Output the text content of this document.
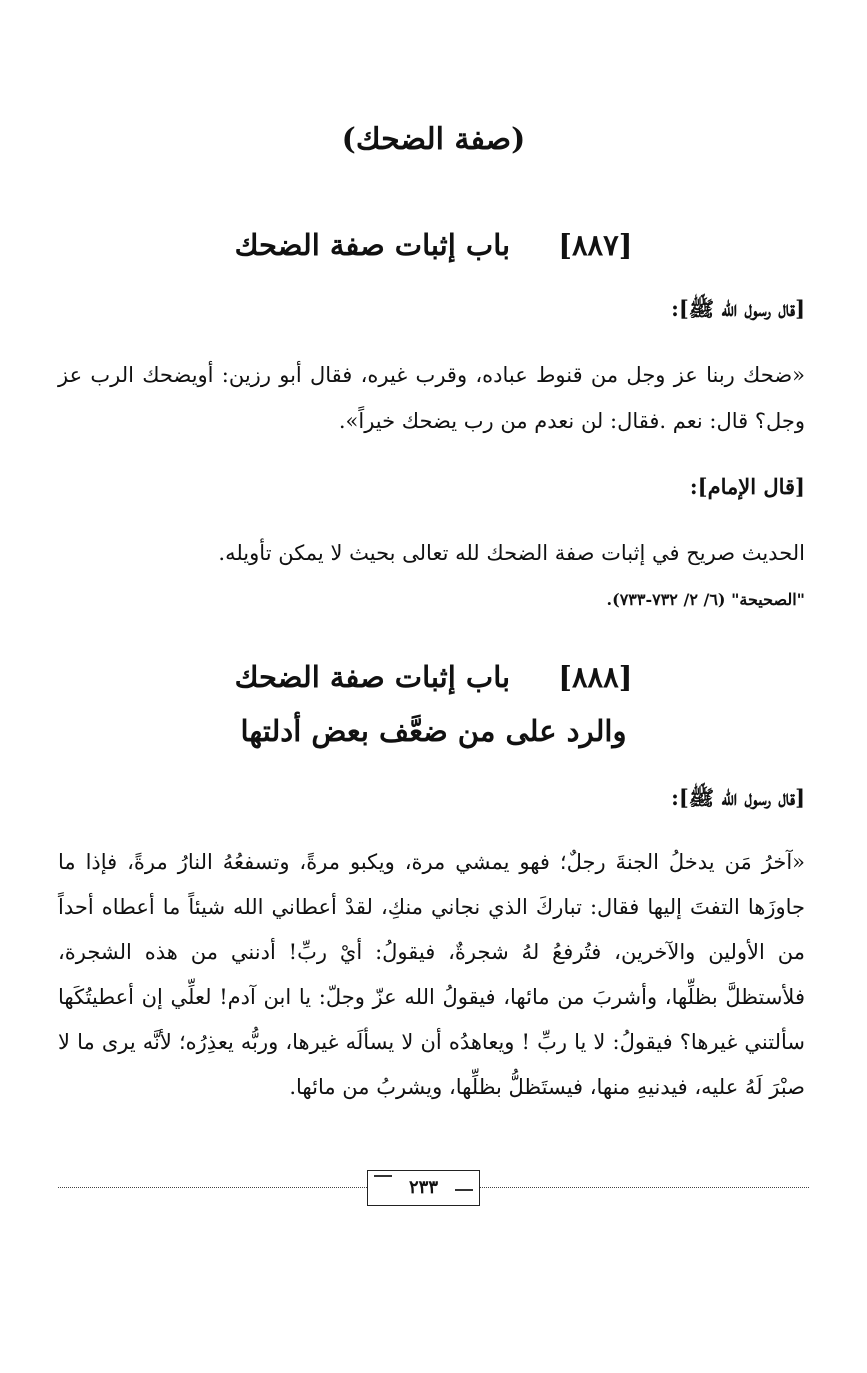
(صفة الضحك)
[٨٨٧] باب إثبات صفة الضحك
[قال رسول الله ﷺ]:
«ضحك ربنا عز وجل من قنوط عباده، وقرب غيره، فقال أبو رزين: أويضحك الرب عز وجل؟ قال: نعم .فقال: لن نعدم من رب يضحك خيراً».
[قال الإمام]:
الحديث صريح في إثبات صفة الضحك لله تعالى بحيث لا يمكن تأويله.
"الصحيحة" (٦/ ٢/ ٧٣٢-٧٣٣).
[٨٨٨] باب إثبات صفة الضحك
والرد على من ضعَّف بعض أدلتها
[قال رسول الله ﷺ]:
«آخرُ مَن يدخلُ الجنةَ رجلٌ؛ فهو يمشي مرة، ويكبو مرةً، وتسفعُهُ النارُ مرةً، فإذا ما جاوزَها التفتَ إليها فقال: تباركَ الذي نجاني منكِ، لقدْ أعطاني الله شيئاً ما أعطاه أحداً من الأولين والآخرين، فتُرفعُ لهُ شجرةٌ، فيقولُ: أيْ ربِّ! أدنني من هذه الشجرة، فلأستظلَّ بظلِّها، وأشربَ من مائها، فيقولُ الله عزّ وجلّ: يا ابن آدم! لعلِّي إن أعطيتُكَها سألتني غيرها؟ فيقولُ: لا يا ربِّ ! ويعاهدُه أن لا يسألَه غيرها، وربُّه يعذِرُه؛ لأنَّه يرى ما لا صبْرَ لَهُ عليه، فيدنيهِ منها، فيستَظلُّ بظلِّها، ويشربُ من مائها.
٢٣٣
